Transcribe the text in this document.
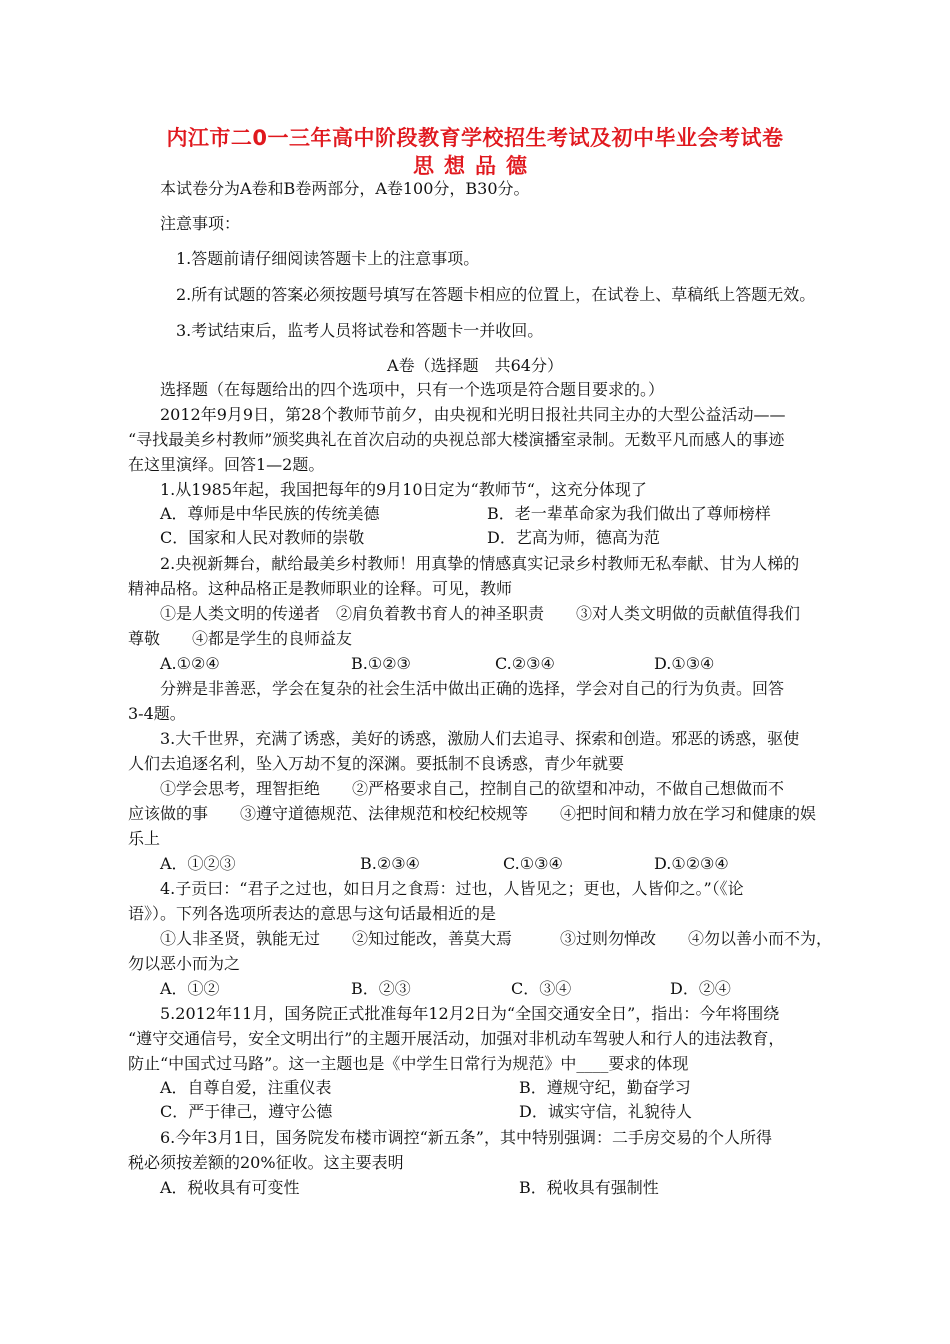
内江市二0一三年高中阶段教育学校招生考试及初中毕业会考试卷
思想品德
本试卷分为A卷和B卷两部分，A卷100分，B30分。
注意事项：
1.答题前请仔细阅读答题卡上的注意事项。
2.所有试题的答案必须按题号填写在答题卡相应的位置上，在试卷上、草稿纸上答题无效。
3.考试结束后，监考人员将试卷和答题卡一并收回。
A卷（选择题　共64分）
选择题（在每题给出的四个选项中，只有一个选项是符合题目要求的。）
2012年9月9日，第28个教师节前夕，由央视和光明日报社共同主办的大型公益活动——
“寻找最美乡村教师”颁奖典礼在首次启动的央视总部大楼演播室录制。无数平凡而感人的事迹
在这里演绎。回答1—2题。
1.从1985年起，我国把每年的9月10日定为“教师节“，这充分体现了
A．尊师是中华民族的传统美德	B．老一辈革命家为我们做出了尊师榜样
C．国家和人民对教师的崇敬	D．艺高为师，德高为范
2.央视新舞台，献给最美乡村教师！用真挚的情感真实记录乡村教师无私奉献、甘为人梯的
精神品格。这种品格正是教师职业的诠释。可见，教师
①是人类文明的传递者　②肩负着教书育人的神圣职责　　③对人类文明做的贡献值得我们
尊敬　　④都是学生的良师益友
A.①②④	B.①②③	C.②③④	D.①③④
分辨是非善恶，学会在复杂的社会生活中做出正确的选择，学会对自己的行为负责。回答
3-4题。
3.大千世界，充满了诱惑，美好的诱惑，激励人们去追寻、探索和创造。邪恶的诱惑，驱使
人们去追逐名利，坠入万劫不复的深渊。要抵制不良诱惑，青少年就要
①学会思考，理智拒绝　　②严格要求自己，控制自己的欲望和冲动，不做自己想做而不
应该做的事　　③遵守道德规范、法律规范和校纪校规等　　④把时间和精力放在学习和健康的娱
乐上
A．①②③	B.②③④	C.①③④	D.①②③④
4.子贡曰：“君子之过也，如日月之食焉：过也，人皆见之；更也，人皆仰之。”（《论
语》）。下列各选项所表达的意思与这句话最相近的是
①人非圣贤，孰能无过　　②知过能改，善莫大焉　　　③过则勿惮改　　④勿以善小而不为，
勿以恶小而为之
A．①②	B．②③	C．③④	D．②④
5.2012年11月，国务院正式批准每年12月2日为“全国交通安全日”，指出：今年将围绕
“遵守交通信号，安全文明出行”的主题开展活动，加强对非机动车驾驶人和行人的违法教育，
防止“中国式过马路”。这一主题也是《中学生日常行为规范》中____要求的体现
A．自尊自爱，注重仪表	B．遵规守纪，勤奋学习
C．严于律己，遵守公德	D．诚实守信，礼貌待人
6.今年3月1日，国务院发布楼市调控“新五条”，其中特别强调：二手房交易的个人所得
税必须按差额的20%征收。这主要表明
A．税收具有可变性	B．税收具有强制性
